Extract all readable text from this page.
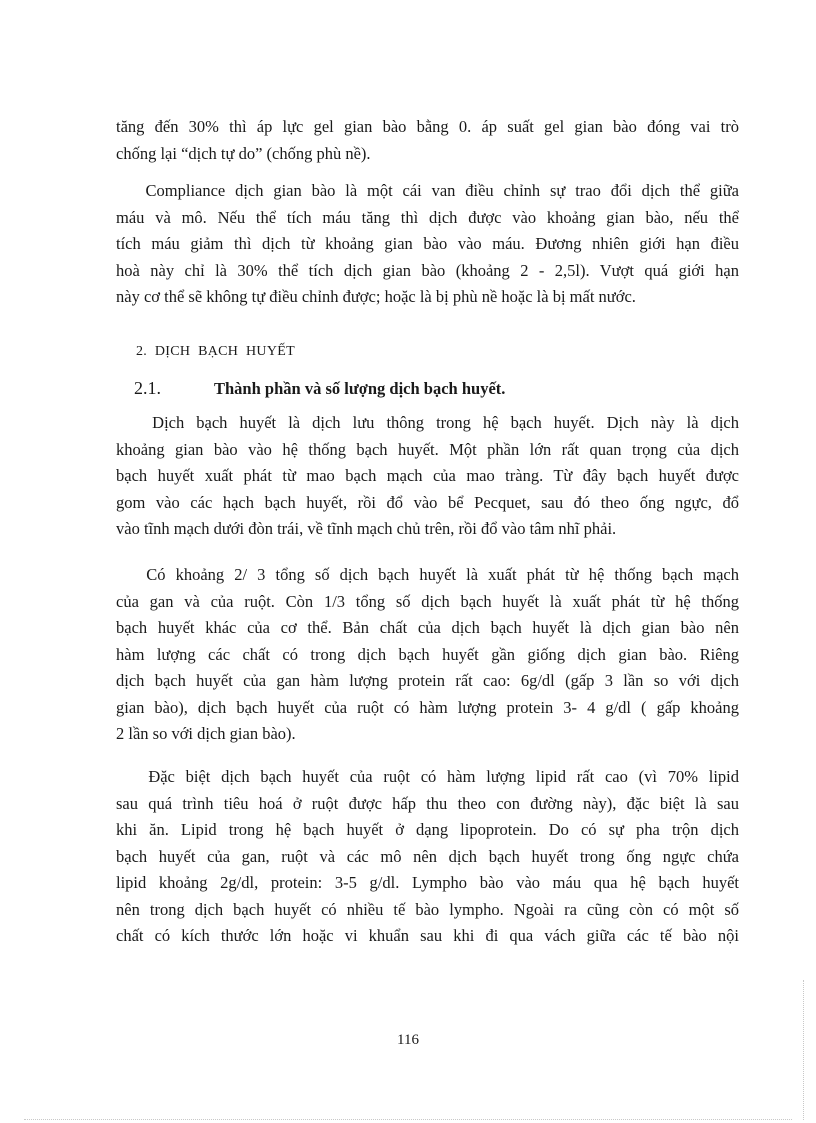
tăng đến 30% thì áp lực gel gian bào bằng 0. áp suất gel gian bào đóng vai trò
chống lại “dịch tự do” (chống phù nề).
Compliance dịch gian bào là một cái van điều chỉnh sự trao đổi dịch thể giữa
máu và mô. Nếu thể tích máu tăng thì dịch được vào khoảng gian bào, nếu thể
tích máu giảm thì dịch từ khoảng gian bào vào máu. Đương nhiên giới hạn điều
hoà này chỉ là 30% thể tích dịch gian bào (khoảng 2 - 2,5l). Vượt quá giới hạn
này cơ thể sẽ không tự điều chỉnh được; hoặc là bị phù nề hoặc là bị mất nước.
2. DỊCH BẠCH HUYẾT
2.1.	Thành phần và số lượng dịch bạch huyết.
Dịch bạch huyết là dịch lưu thông trong hệ bạch huyết. Dịch này là dịch
khoảng gian bào vào hệ thống bạch huyết. Một phần lớn rất quan trọng của dịch
bạch huyết xuất phát từ mao bạch mạch của mao tràng. Từ đây bạch huyết được
gom vào các hạch bạch huyết, rồi đổ vào bể Pecquet, sau đó theo ống ngực, đổ
vào tĩnh mạch dưới đòn trái, về tĩnh mạch chủ trên, rồi đổ vào tâm nhĩ phải.
Có khoảng 2/ 3 tổng số dịch bạch huyết là xuất phát từ hệ thống bạch mạch
của gan và của ruột. Còn 1/3 tổng số dịch bạch huyết là xuất phát từ hệ thống
bạch huyết khác của cơ thể. Bản chất của dịch bạch huyết là dịch gian bào nên
hàm lượng các chất có trong dịch bạch huyết gần giống dịch gian bào. Riêng
dịch bạch huyết của gan hàm lượng protein rất cao: 6g/dl (gấp 3 lần so với dịch
gian bào), dịch bạch huyết của ruột có hàm lượng protein 3- 4 g/dl ( gấp khoảng
2 lần so với dịch gian bào).
Đặc biệt dịch bạch huyết của ruột có hàm lượng lipid rất cao (vì 70% lipid
sau quá trình tiêu hoá ở ruột được hấp thu theo con đường này), đặc biệt là sau
khi ăn. Lipid trong hệ bạch huyết ở dạng lipoprotein. Do có sự pha trộn dịch
bạch huyết của gan, ruột và các mô nên dịch bạch huyết trong ống ngực chứa
lipid khoảng 2g/dl, protein: 3-5 g/dl. Lympho bào vào máu qua hệ bạch huyết
nên trong dịch bạch huyết có nhiều tế bào lympho. Ngoài ra cũng còn có một số
chất có kích thước lớn hoặc vi khuẩn sau khi đi qua vách giữa các tế bào nội
116
